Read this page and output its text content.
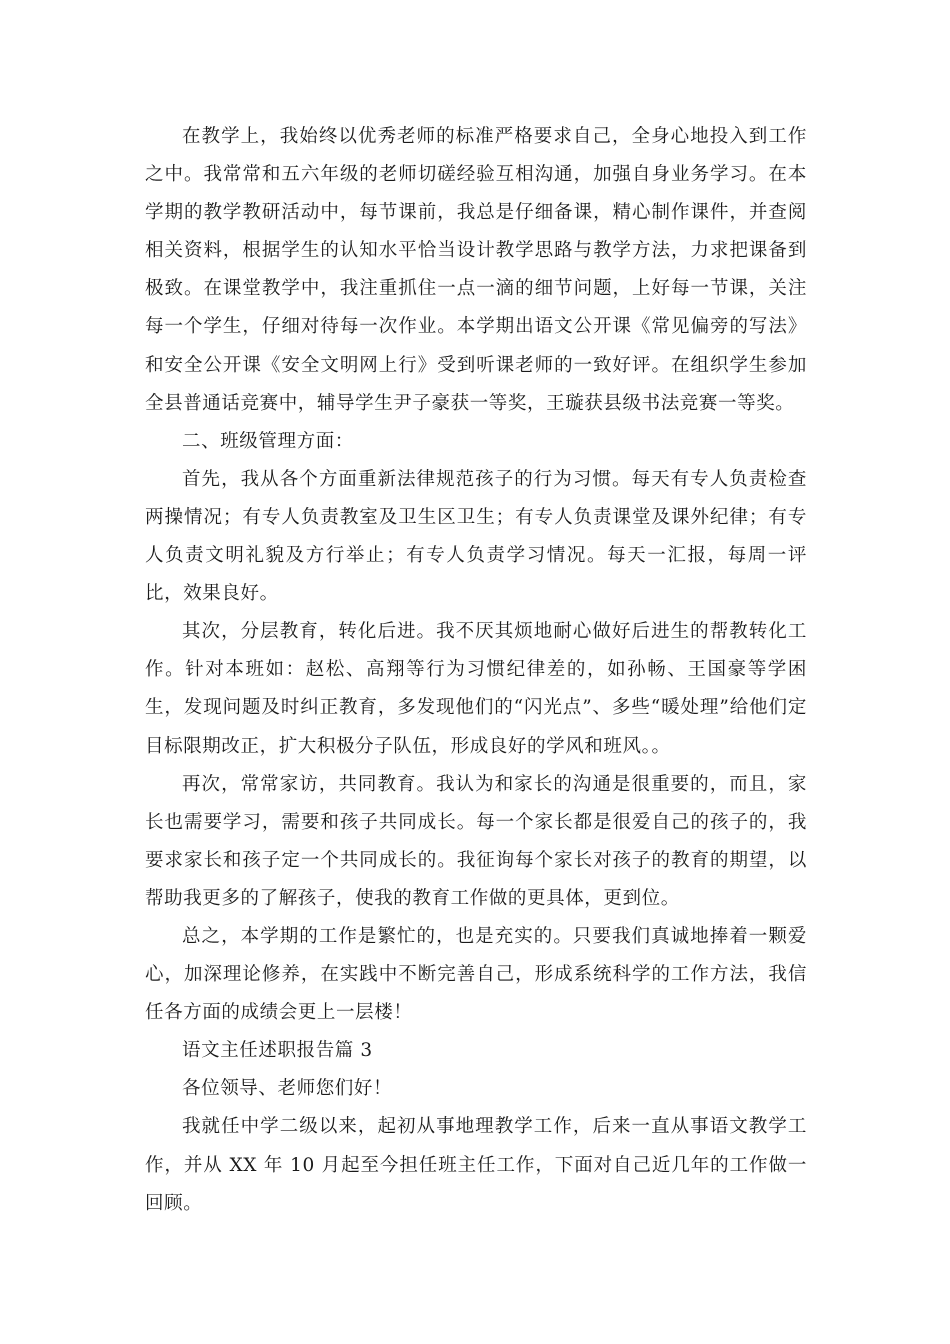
在教学上，我始终以优秀老师的标准严格要求自己，全身心地投入到工作之中。我常常和五六年级的老师切磋经验互相沟通，加强自身业务学习。在本学期的教学教研活动中，每节课前，我总是仔细备课，精心制作课件，并查阅相关资料，根据学生的认知水平恰当设计教学思路与教学方法，力求把课备到极致。在课堂教学中，我注重抓住一点一滴的细节问题，上好每一节课，关注每一个学生，仔细对待每一次作业。本学期出语文公开课《常见偏旁的写法》和安全公开课《安全文明网上行》受到听课老师的一致好评。在组织学生参加全县普通话竞赛中，辅导学生尹子豪获一等奖，王璇获县级书法竞赛一等奖。

二、班级管理方面：

首先，我从各个方面重新法律规范孩子的行为习惯。每天有专人负责检查两操情况；有专人负责教室及卫生区卫生；有专人负责课堂及课外纪律；有专人负责文明礼貌及方行举止；有专人负责学习情况。每天一汇报，每周一评比，效果良好。

其次，分层教育，转化后进。我不厌其烦地耐心做好后进生的帮教转化工作。针对本班如：赵松、高翔等行为习惯纪律差的，如孙畅、王国豪等学困生，发现问题及时纠正教育，多发现他们的“闪光点”、多些“暖处理”给他们定目标限期改正，扩大积极分子队伍，形成良好的学风和班风。。

再次，常常家访，共同教育。我认为和家长的沟通是很重要的，而且，家长也需要学习，需要和孩子共同成长。每一个家长都是很爱自己的孩子的，我要求家长和孩子定一个共同成长的。我征询每个家长对孩子的教育的期望，以帮助我更多的了解孩子，使我的教育工作做的更具体，更到位。

总之，本学期的工作是繁忙的，也是充实的。只要我们真诚地捧着一颗爱心，加深理论修养，在实践中不断完善自己，形成系统科学的工作方法，我信任各方面的成绩会更上一层楼！

语文主任述职报告篇 3

各位领导、老师您们好！

我就任中学二级以来，起初从事地理教学工作，后来一直从事语文教学工作，并从 XX 年 10 月起至今担任班主任工作，下面对自己近几年的工作做一回顾。
